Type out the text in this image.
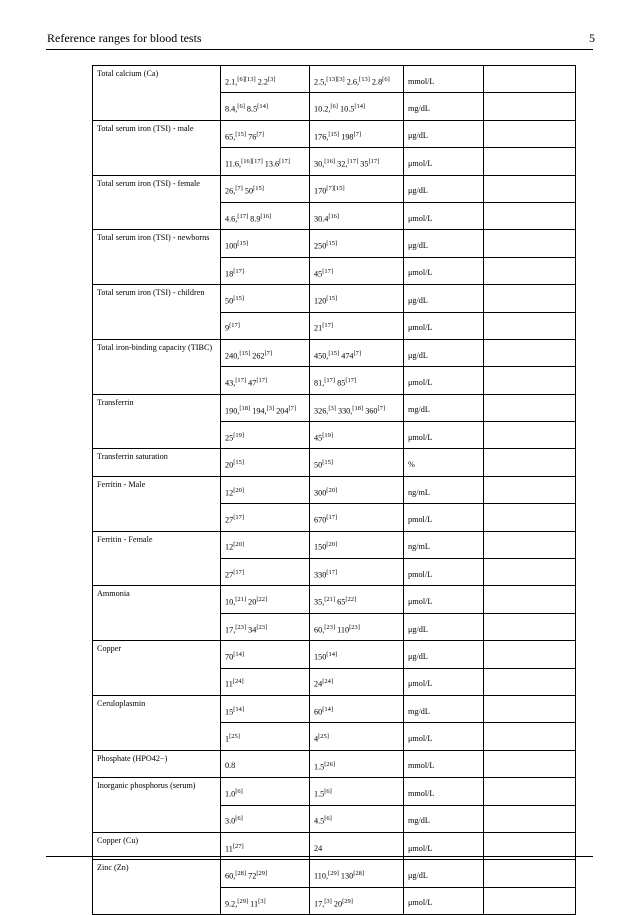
Reference ranges for blood tests	5
Total calcium (Ca)	2.1,[6][13] 2.2[3]	2.5,[13][3] 2.6,[13] 2.8[6]	mmol/L	
	8.4,[6] 8.5[14]	10.2,[6] 10.5[14]	mg/dL	
Total serum iron (TSI) - male	65,[15] 76[7]	176,[15] 198[7]	μg/dL	
	11.6,[16][17] 13.6[17]	30,[16] 32,[17] 35[17]	μmol/L	
Total serum iron (TSI) - female	26,[7] 50[15]	170[7][15]	μg/dL	
	4.6,[17] 8.9[16]	30.4[16]	μmol/L	
Total serum iron (TSI) - newborns	100[15]	250[15]	μg/dL	
	18[17]	45[17]	μmol/L	
Total serum iron (TSI) - children	50[15]	120[15]	μg/dL	
	9[17]	21[17]	μmol/L	
Total iron-binding capacity (TIBC)	240,[15] 262[7]	450,[15] 474[7]	μg/dL	
	43,[17] 47[17]	81,[17] 85[17]	μmol/L	
Transferrin	190,[18] 194,[3] 204[7]	326,[3] 330,[18] 360[7]	mg/dL	
	25[19]	45[19]	μmol/L	
Transferrin saturation	20[15]	50[15]	%	
Ferritin - Male	12[20]	300[20]	ng/mL	
	27[17]	670[17]	pmol/L	
Ferritin - Female	12[20]	150[20]	ng/mL	
	27[17]	330[17]	pmol/L	
Ammonia	10,[21] 20[22]	35,[21] 65[22]	μmol/L	
	17,[23] 34[23]	60,[23] 110[23]	μg/dL	
Copper	70[14]	150[14]	μg/dL	
	11[24]	24[24]	μmol/L	
Ceruloplasmin	15[14]	60[14]	mg/dL	
	1[25]	4[25]	μmol/L	
Phosphate (HPO42−)	0.8	1.5[26]	mmol/L	
Inorganic phosphorus (serum)	1.0[6]	1.5[6]	mmol/L	
	3.0[6]	4.5[6]	mg/dL	
Copper (Cu)	11[27]	24	μmol/L	
Zinc (Zn)	60,[28] 72[29]	110,[29] 130[28]	μg/dL	
	9.2,[29] 11[3]	17,[3] 20[29]	μmol/L	
